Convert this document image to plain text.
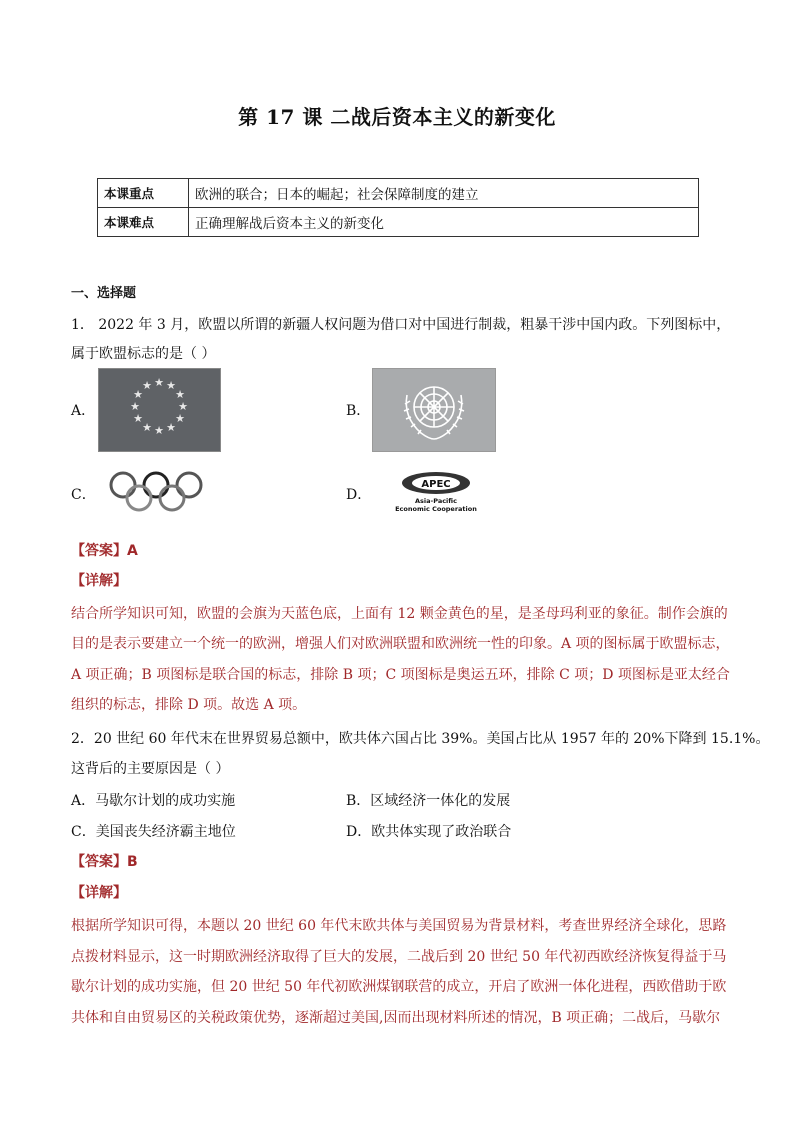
第 17 课 二战后资本主义的新变化
本课重点	欧洲的联合；日本的崛起；社会保障制度的建立
本课难点	正确理解战后资本主义的新变化
一、选择题
1． 2022 年 3 月，欧盟以所谓的新疆人权问题为借口对中国进行制裁，粗暴干涉中国内政。下列图标中，
属于欧盟标志的是（ ）
A．
★ ★
★
★
★
★
★
★
★
★
★
★
B．
C．	D．
APEC
Asia-Pacific
Economic Cooperation
【答案】A
【详解】
结合所学知识可知，欧盟的会旗为天蓝色底，上面有 12 颗金黄色的星，是圣母玛利亚的象征。制作会旗的
目的是表示要建立一个统一的欧洲，增强人们对欧洲联盟和欧洲统一性的印象。A 项的图标属于欧盟标志，
A 项正确；B 项图标是联合国的标志，排除 B 项；C 项图标是奥运五环，排除 C 项；D 项图标是亚太经合
组织的标志，排除 D 项。故选 A 项。
2．20 世纪 60 年代末在世界贸易总额中，欧共体六国占比 39%。美国占比从 1957 年的 20%下降到 15.1%。
这背后的主要原因是（ ）
A．马歇尔计划的成功实施	B．区域经济一体化的发展
C．美国丧失经济霸主地位	D．欧共体实现了政治联合
【答案】B
【详解】
根据所学知识可得，本题以 20 世纪 60 年代末欧共体与美国贸易为背景材料，考查世界经济全球化，思路
点拨材料显示，这一时期欧洲经济取得了巨大的发展，二战后到 20 世纪 50 年代初西欧经济恢复得益于马
歇尔计划的成功实施，但 20 世纪 50 年代初欧洲煤钢联营的成立，开启了欧洲一体化进程，西欧借助于欧
共体和自由贸易区的关税政策优势，逐渐超过美国,因而出现材料所述的情况，B 项正确；二战后，马歇尔
